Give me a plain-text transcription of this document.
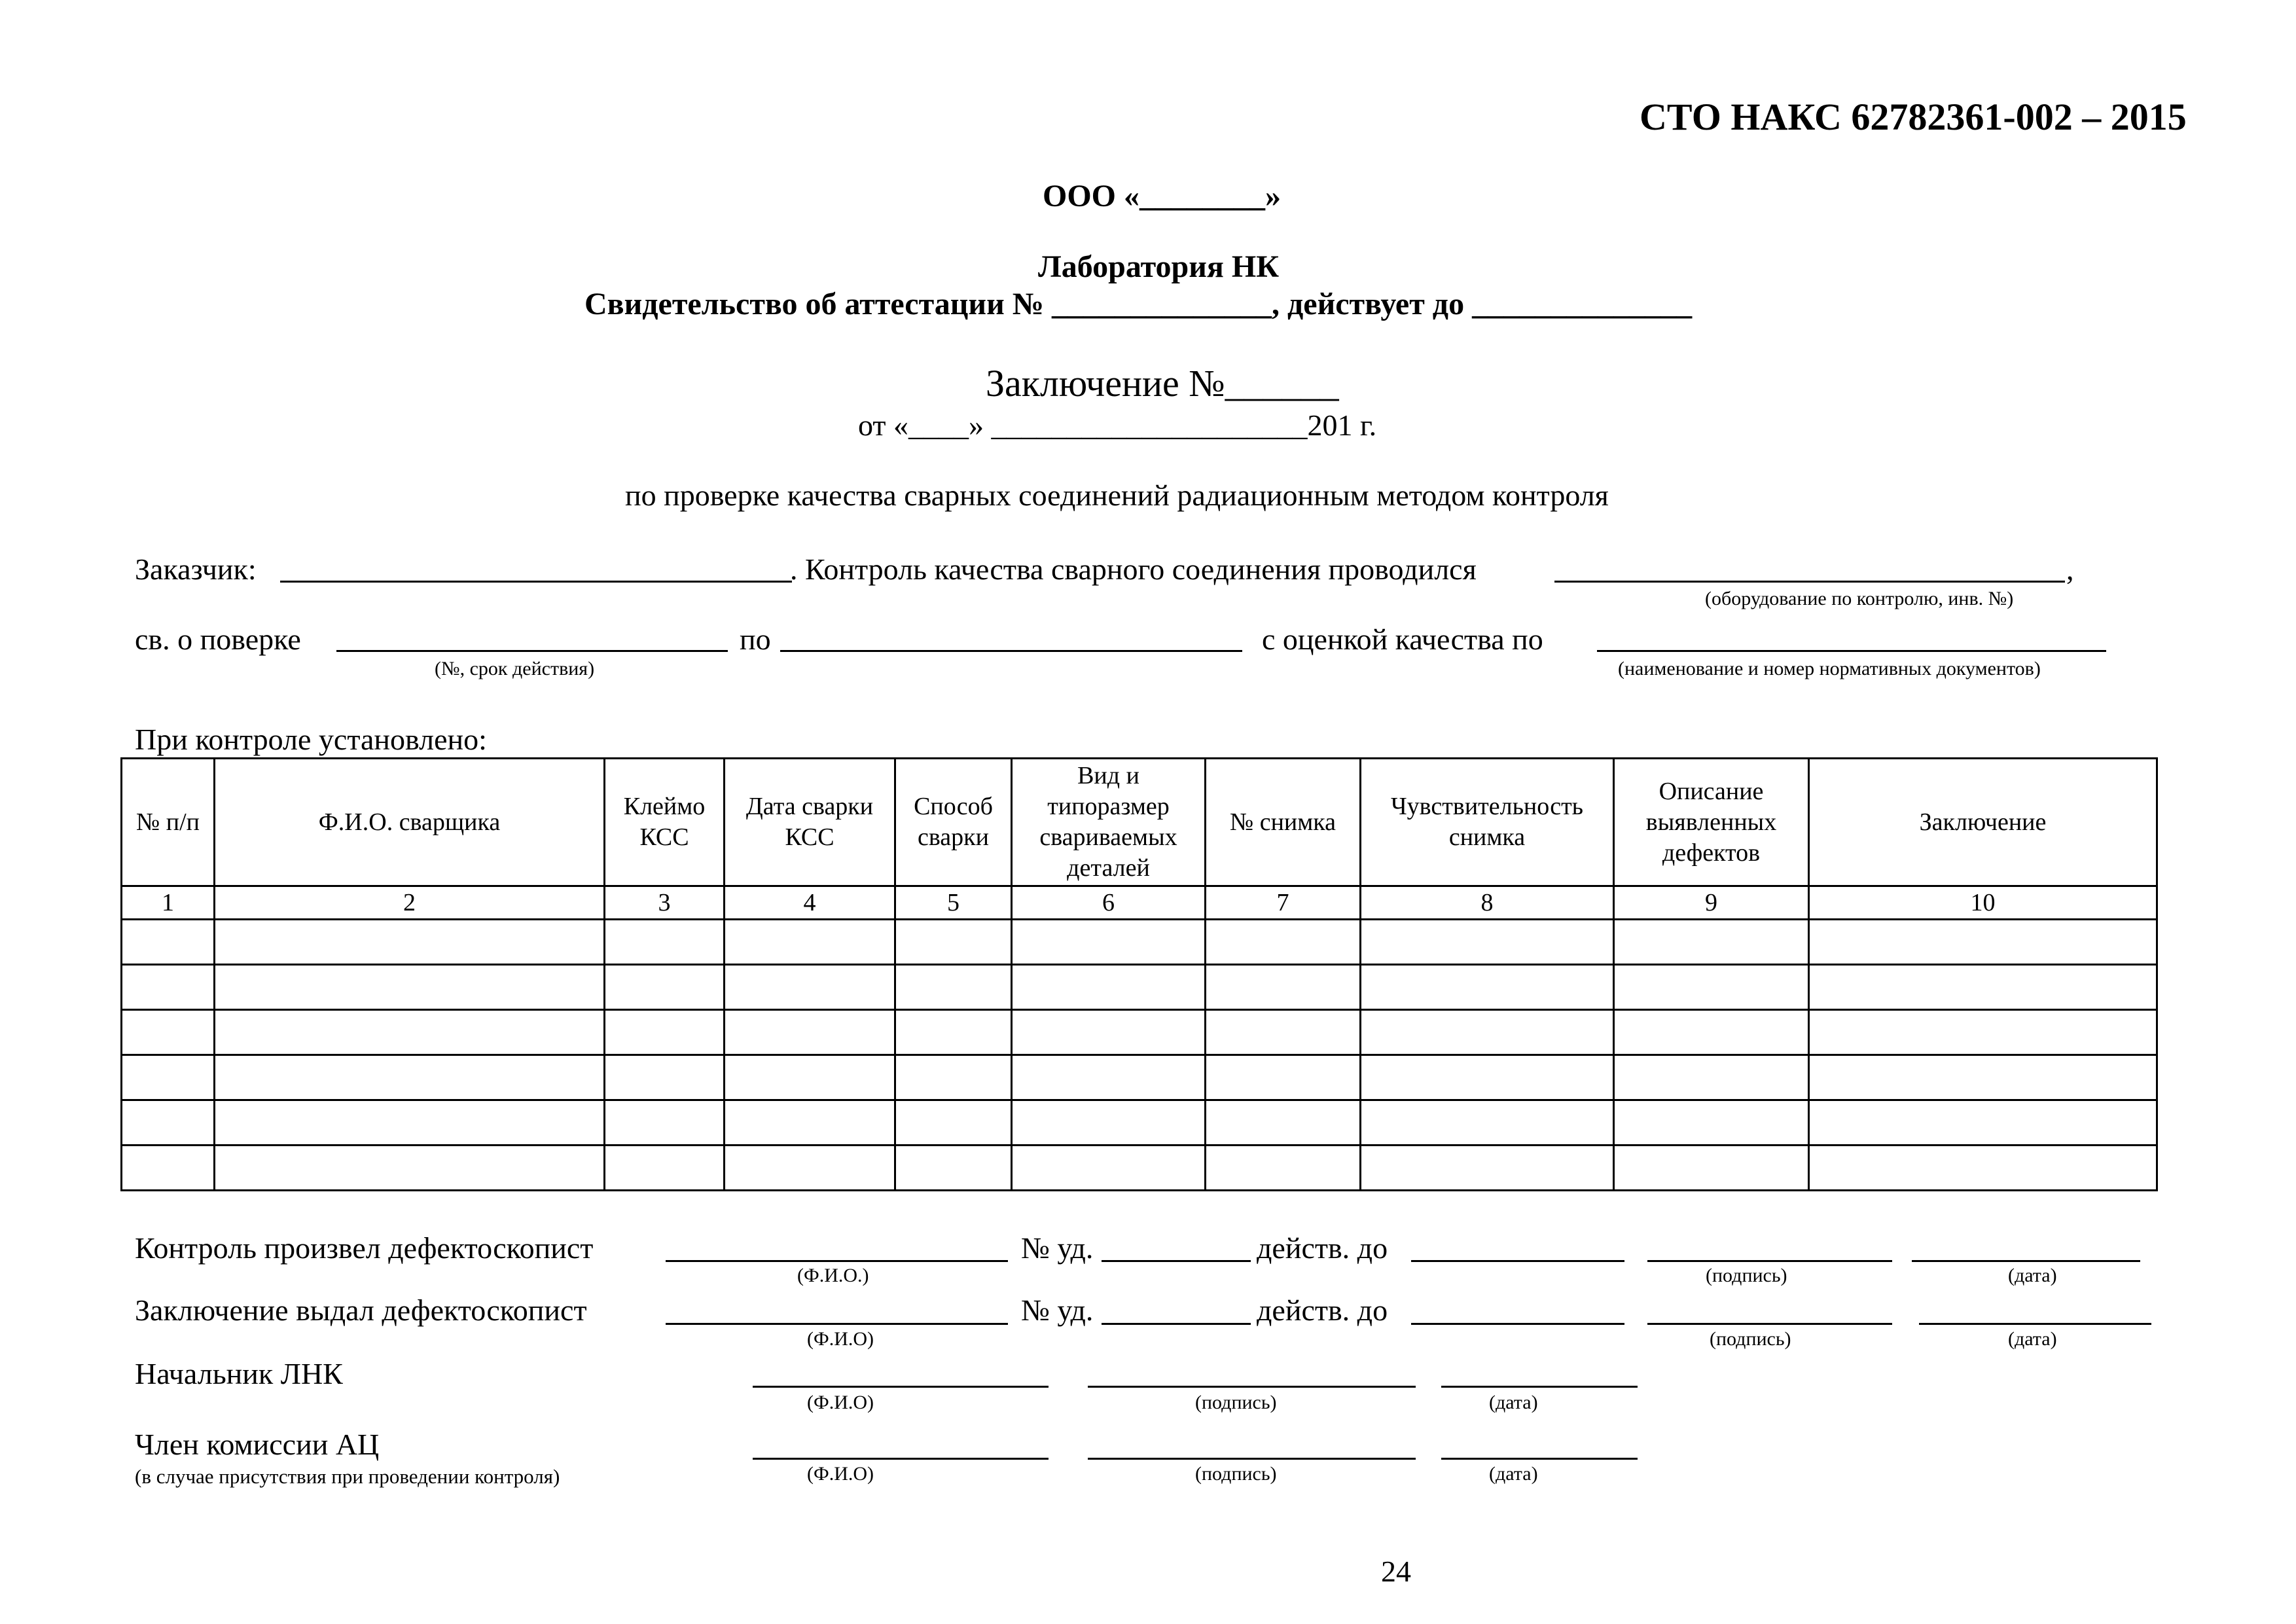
СТО НАКС 62782361-002 – 2015
ООО «________»
Лаборатория НК
Свидетельство об аттестации № ______________, действует до ______________
Заключение №______
от «____» _____________________201 г.
по проверке качества сварных соединений радиационным методом контроля
Заказчик:	. Контроль качества сварного соединения проводился	,
(оборудование по контролю, инв. №)
св. о поверке	по	с оценкой качества по
(№, срок действия)	(наименование и номер нормативных документов)
При контроле установлено:
№ п/п	Ф.И.О. сварщика	Клеймо КСС	Дата сварки КСС	Способ сварки	Вид и типоразмер свариваемых деталей	№ снимка	Чувствительность снимка	Описание выявленных дефектов	Заключение
1	2	3	4	5	6	7	8	9	10

Контроль произвел дефектоскопист	№ уд.	действ. до
(Ф.И.О.)	(подпись)	(дата)
Заключение выдал дефектоскопист	№ уд.	действ. до
(Ф.И.О)	(подпись)	(дата)
Начальник ЛНК
(Ф.И.О)	(подпись)	(дата)
Член комиссии АЦ
(в случае присутствия при проведении контроля)	(Ф.И.О)	(подпись)	(дата)
24
